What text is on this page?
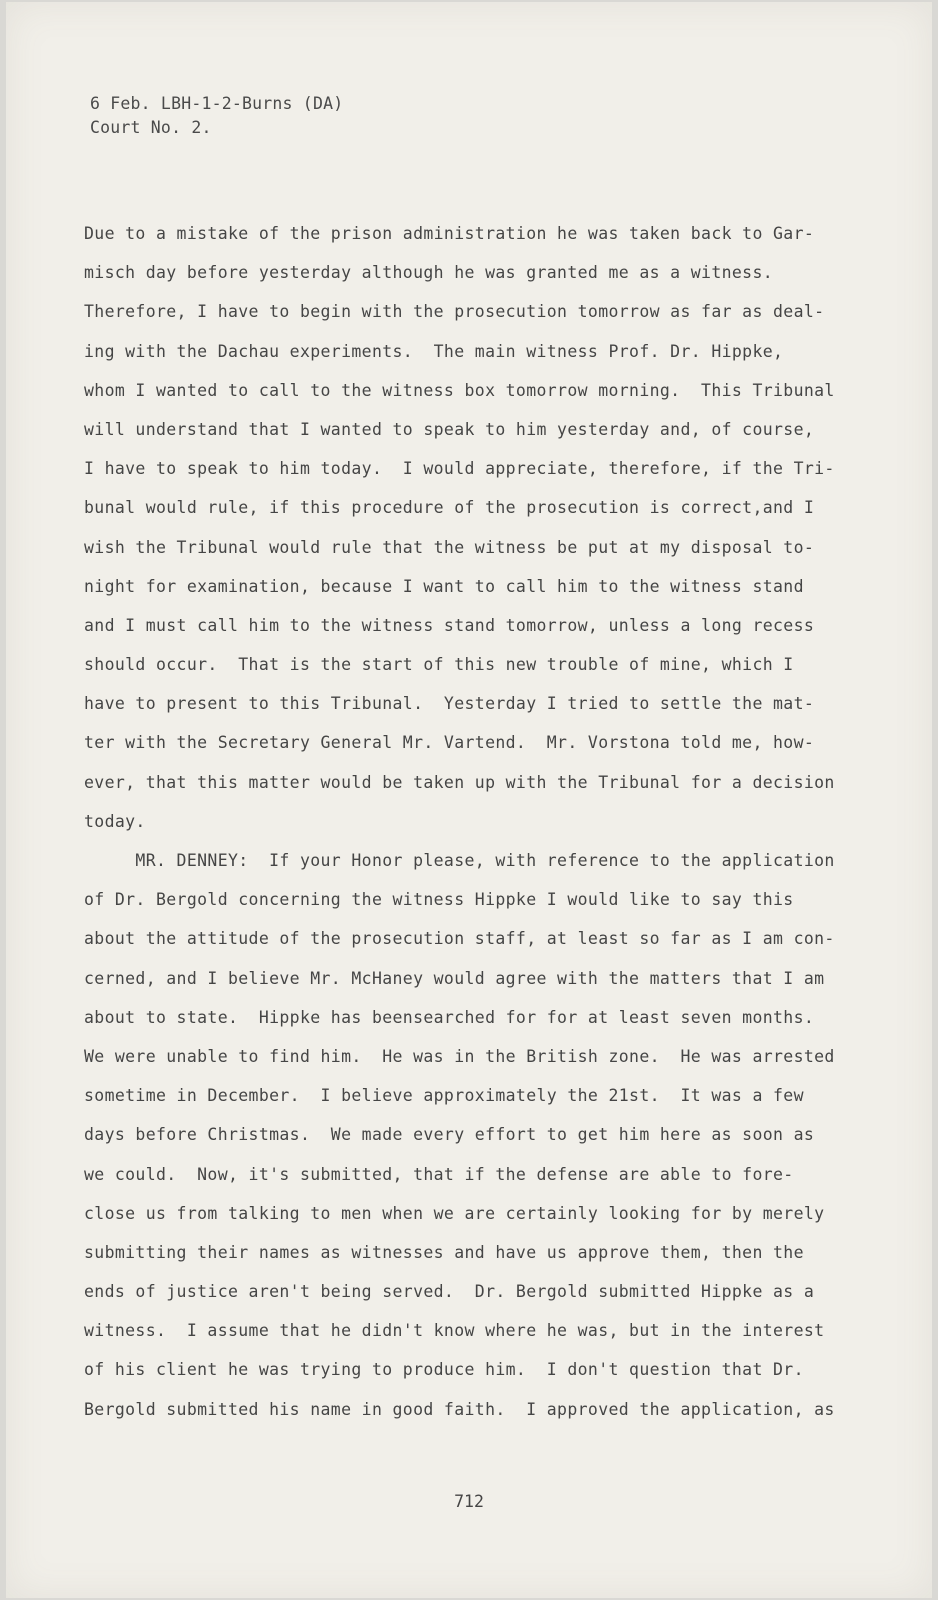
6 Feb. LBH-1-2-Burns (DA)
Court No. 2.
Due to a mistake of the prison administration he was taken back to Gar-
misch day before yesterday although he was granted me as a witness.
Therefore, I have to begin with the prosecution tomorrow as far as deal-
ing with the Dachau experiments.  The main witness Prof. Dr. Hippke,
whom I wanted to call to the witness box tomorrow morning.  This Tribunal
will understand that I wanted to speak to him yesterday and, of course,
I have to speak to him today.  I would appreciate, therefore, if the Tri-
bunal would rule, if this procedure of the prosecution is correct,and I
wish the Tribunal would rule that the witness be put at my disposal to-
night for examination, because I want to call him to the witness stand
and I must call him to the witness stand tomorrow, unless a long recess
should occur.  That is the start of this new trouble of mine, which I
have to present to this Tribunal.  Yesterday I tried to settle the mat-
ter with the Secretary General Mr. Vartend.  Mr. Vorstona told me, how-
ever, that this matter would be taken up with the Tribunal for a decision
today.
MR. DENNEY:  If your Honor please, with reference to the application
of Dr. Bergold concerning the witness Hippke I would like to say this
about the attitude of the prosecution staff, at least so far as I am con-
cerned, and I believe Mr. McHaney would agree with the matters that I am
about to state.  Hippke has beensearched for for at least seven months.
We were unable to find him.  He was in the British zone.  He was arrested
sometime in December.  I believe approximately the 21st.  It was a few
days before Christmas.  We made every effort to get him here as soon as
we could.  Now, it's submitted, that if the defense are able to fore-
close us from talking to men when we are certainly looking for by merely
submitting their names as witnesses and have us approve them, then the
ends of justice aren't being served.  Dr. Bergold submitted Hippke as a
witness.  I assume that he didn't know where he was, but in the interest
of his client he was trying to produce him.  I don't question that Dr.
Bergold submitted his name in good faith.  I approved the application, as
712
